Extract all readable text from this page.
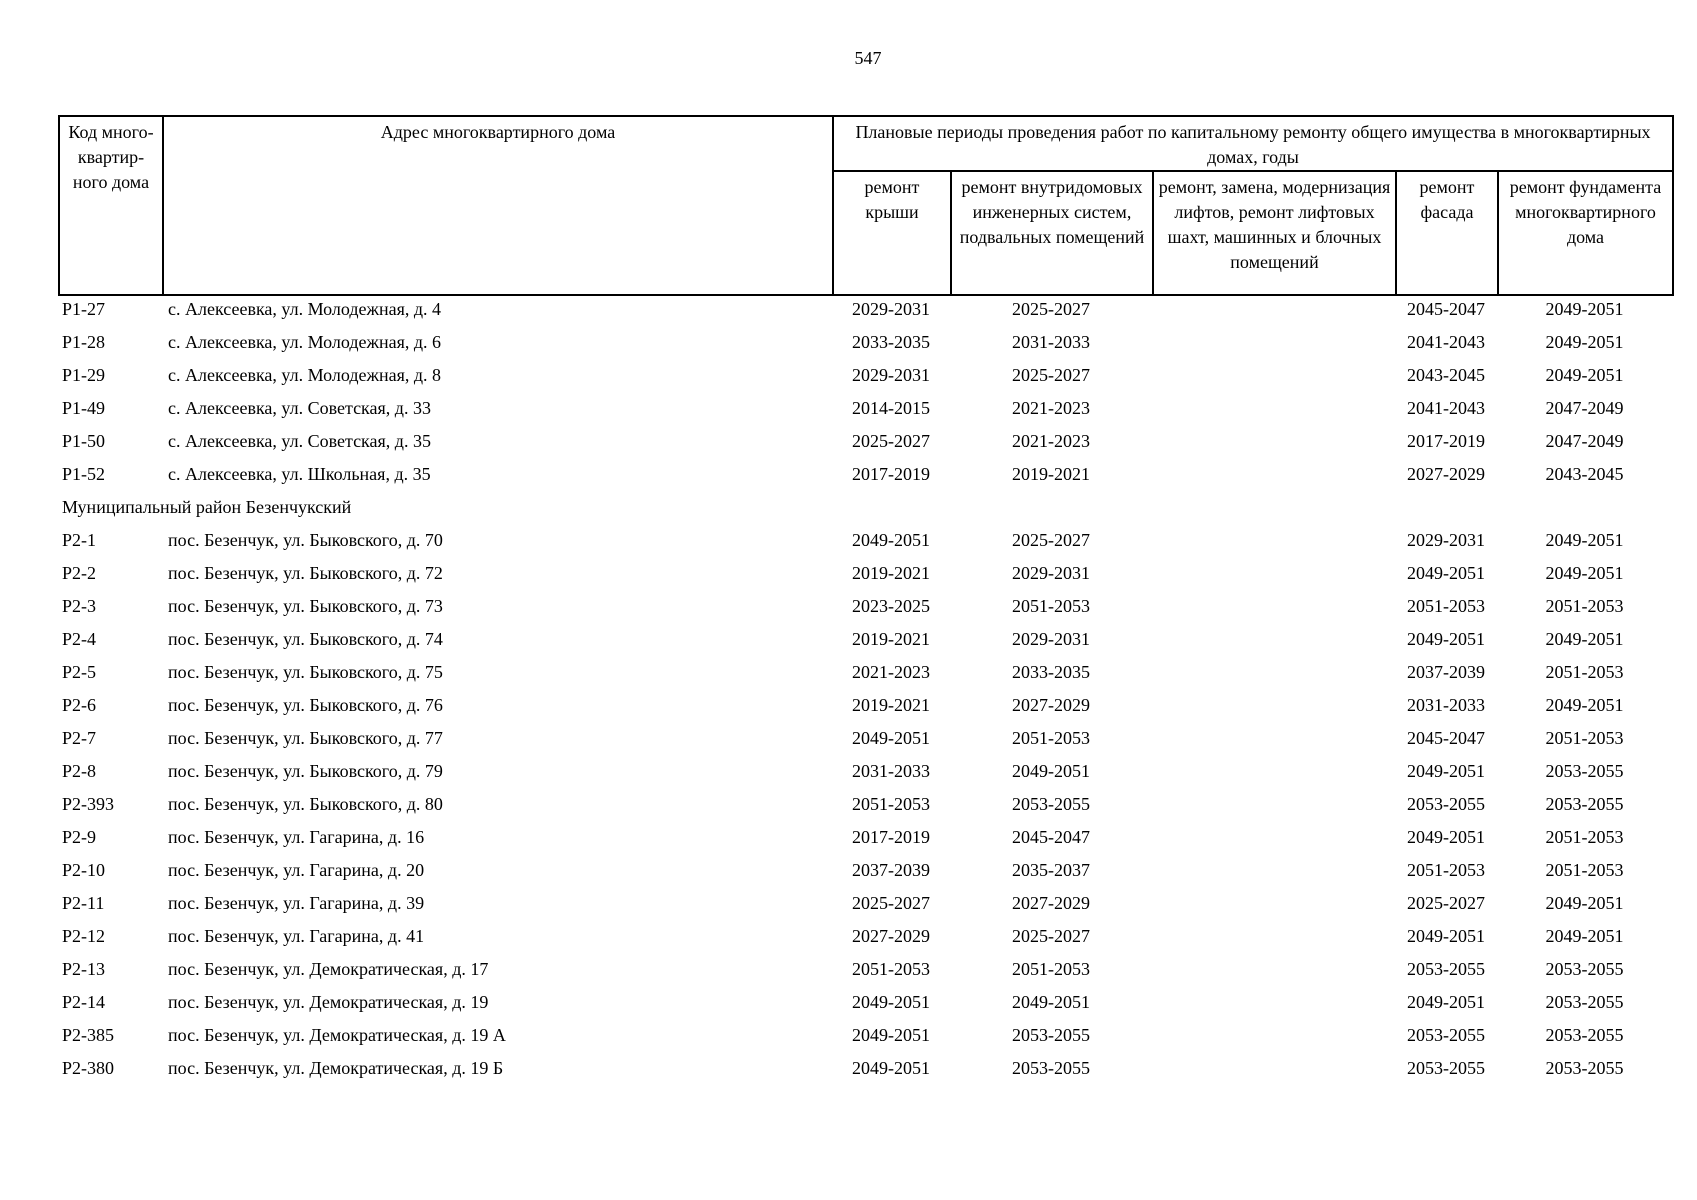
547
Код много-квартир-ного дома	Адрес многоквартирного дома	Плановые периоды проведения работ по капитальному ремонту общего имущества в многоквартирных домах, годы				
		ремонт крыши	ремонт внутридомовых инженерных систем, подвальных помещений	ремонт, замена, модернизация лифтов, ремонт лифтовых шахт, машинных и блочных помещений	ремонт фасада	ремонт фундамента многоквартирного дома
Р1-27	с. Алексеевка, ул. Молодежная, д. 4	2029-2031	2025-2027		2045-2047	2049-2051
Р1-28	с. Алексеевка, ул. Молодежная, д. 6	2033-2035	2031-2033		2041-2043	2049-2051
Р1-29	с. Алексеевка, ул. Молодежная, д. 8	2029-2031	2025-2027		2043-2045	2049-2051
Р1-49	с. Алексеевка, ул. Советская, д. 33	2014-2015	2021-2023		2041-2043	2047-2049
Р1-50	с. Алексеевка, ул. Советская, д. 35	2025-2027	2021-2023		2017-2019	2047-2049
Р1-52	с. Алексеевка, ул. Школьная, д. 35	2017-2019	2019-2021		2027-2029	2043-2045
Муниципальный район Безенчукский						
Р2-1	пос. Безенчук, ул. Быковского, д. 70	2049-2051	2025-2027		2029-2031	2049-2051
Р2-2	пос. Безенчук, ул. Быковского, д. 72	2019-2021	2029-2031		2049-2051	2049-2051
Р2-3	пос. Безенчук, ул. Быковского, д. 73	2023-2025	2051-2053		2051-2053	2051-2053
Р2-4	пос. Безенчук, ул. Быковского, д. 74	2019-2021	2029-2031		2049-2051	2049-2051
Р2-5	пос. Безенчук, ул. Быковского, д. 75	2021-2023	2033-2035		2037-2039	2051-2053
Р2-6	пос. Безенчук, ул. Быковского, д. 76	2019-2021	2027-2029		2031-2033	2049-2051
Р2-7	пос. Безенчук, ул. Быковского, д. 77	2049-2051	2051-2053		2045-2047	2051-2053
Р2-8	пос. Безенчук, ул. Быковского, д. 79	2031-2033	2049-2051		2049-2051	2053-2055
Р2-393	пос. Безенчук, ул. Быковского, д. 80	2051-2053	2053-2055		2053-2055	2053-2055
Р2-9	пос. Безенчук, ул. Гагарина, д. 16	2017-2019	2045-2047		2049-2051	2051-2053
Р2-10	пос. Безенчук, ул. Гагарина, д. 20	2037-2039	2035-2037		2051-2053	2051-2053
Р2-11	пос. Безенчук, ул. Гагарина, д. 39	2025-2027	2027-2029		2025-2027	2049-2051
Р2-12	пос. Безенчук, ул. Гагарина, д. 41	2027-2029	2025-2027		2049-2051	2049-2051
Р2-13	пос. Безенчук, ул. Демократическая, д. 17	2051-2053	2051-2053		2053-2055	2053-2055
Р2-14	пос. Безенчук, ул. Демократическая, д. 19	2049-2051	2049-2051		2049-2051	2053-2055
Р2-385	пос. Безенчук, ул. Демократическая, д. 19 А	2049-2051	2053-2055		2053-2055	2053-2055
Р2-380	пос. Безенчук, ул. Демократическая, д. 19 Б	2049-2051	2053-2055		2053-2055	2053-2055
